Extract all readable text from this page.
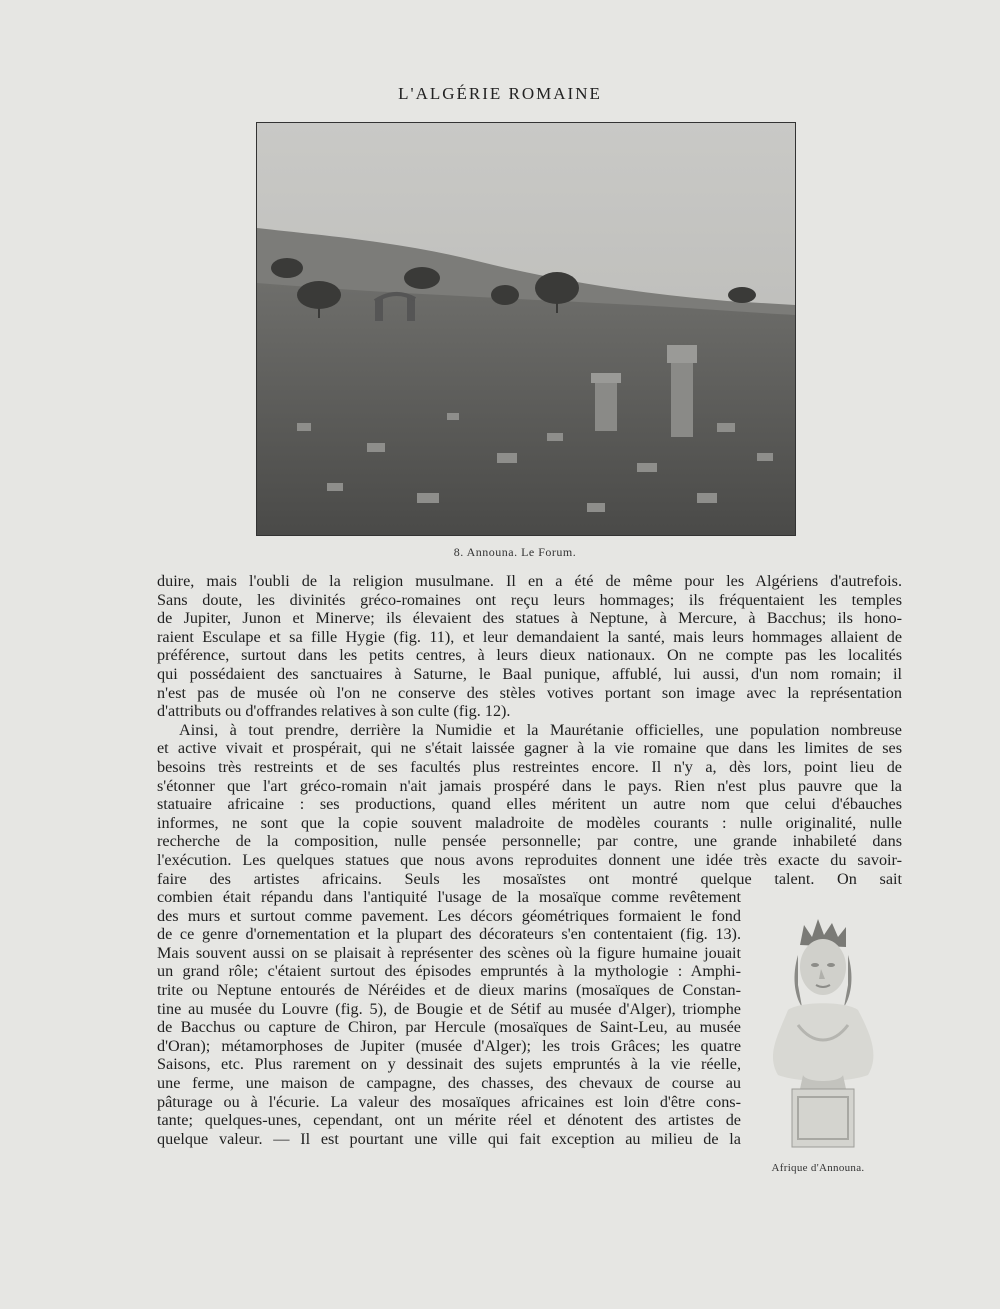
L'ALGÉRIE ROMAINE
8. Announa. Le Forum.

duire, mais l'oubli de la religion musulmane. Il en a été de même pour les Algériens d'autrefois.

Sans doute, les divinités gréco-romaines ont reçu leurs hommages; ils fréquentaient les temples

de Jupiter, Junon et Minerve; ils élevaient des statues à Neptune, à Mercure, à Bacchus; ils hono-

raient Esculape et sa fille Hygie (fig. 11), et leur demandaient la santé, mais leurs hommages allaient de

préférence, surtout dans les petits centres, à leurs dieux nationaux. On ne compte pas les localités

qui possédaient des sanctuaires à Saturne, le Baal punique, affublé, lui aussi, d'un nom romain; il

n'est pas de musée où l'on ne conserve des stèles votives portant son image avec la représentation

d'attributs ou d'offrandes relatives à son culte (fig. 12).

Ainsi, à tout prendre, derrière la Numidie et la Maurétanie officielles, une population nombreuse

et active vivait et prospérait, qui ne s'était laissée gagner à la vie romaine que dans les limites de ses

besoins très restreints et de ses facultés plus restreintes encore. Il n'y a, dès lors, point lieu de

s'étonner que l'art gréco-romain n'ait jamais prospéré dans le pays. Rien n'est plus pauvre que la

statuaire africaine : ses productions, quand elles méritent un autre nom que celui d'ébauches

informes, ne sont que la copie souvent maladroite de modèles courants : nulle originalité, nulle

recherche de la composition, nulle pensée personnelle; par contre, une grande inhabileté dans

l'exécution. Les quelques statues que nous avons reproduites donnent une idée très exacte du savoir-

faire des artistes africains. Seuls les mosaïstes ont montré quelque talent. On sait

combien était répandu dans l'antiquité l'usage de la mosaïque comme revêtement

des murs et surtout comme pavement. Les décors géométriques formaient le fond

de ce genre d'ornementation et la plupart des décorateurs s'en contentaient (fig. 13).

Mais souvent aussi on se plaisait à représenter des scènes où la figure humaine jouait

un grand rôle; c'étaient surtout des épisodes empruntés à la mythologie : Amphi-

trite ou Neptune entourés de Néréides et de dieux marins (mosaïques de Constan-

tine au musée du Louvre (fig. 5), de Bougie et de Sétif au musée d'Alger), triomphe

de Bacchus ou capture de Chiron, par Hercule (mosaïques de Saint-Leu, au musée

d'Oran); métamorphoses de Jupiter (musée d'Alger); les trois Grâces; les quatre

Saisons, etc. Plus rarement on y dessinait des sujets empruntés à la vie réelle,

une ferme, une maison de campagne, des chasses, des chevaux de course au

pâturage ou à l'écurie. La valeur des mosaïques africaines est loin d'être cons-

tante; quelques-unes, cependant, ont un mérite réel et dénotent des artistes de

quelque valeur. — Il est pourtant une ville qui fait exception au milieu de la

Afrique d'Announa.
